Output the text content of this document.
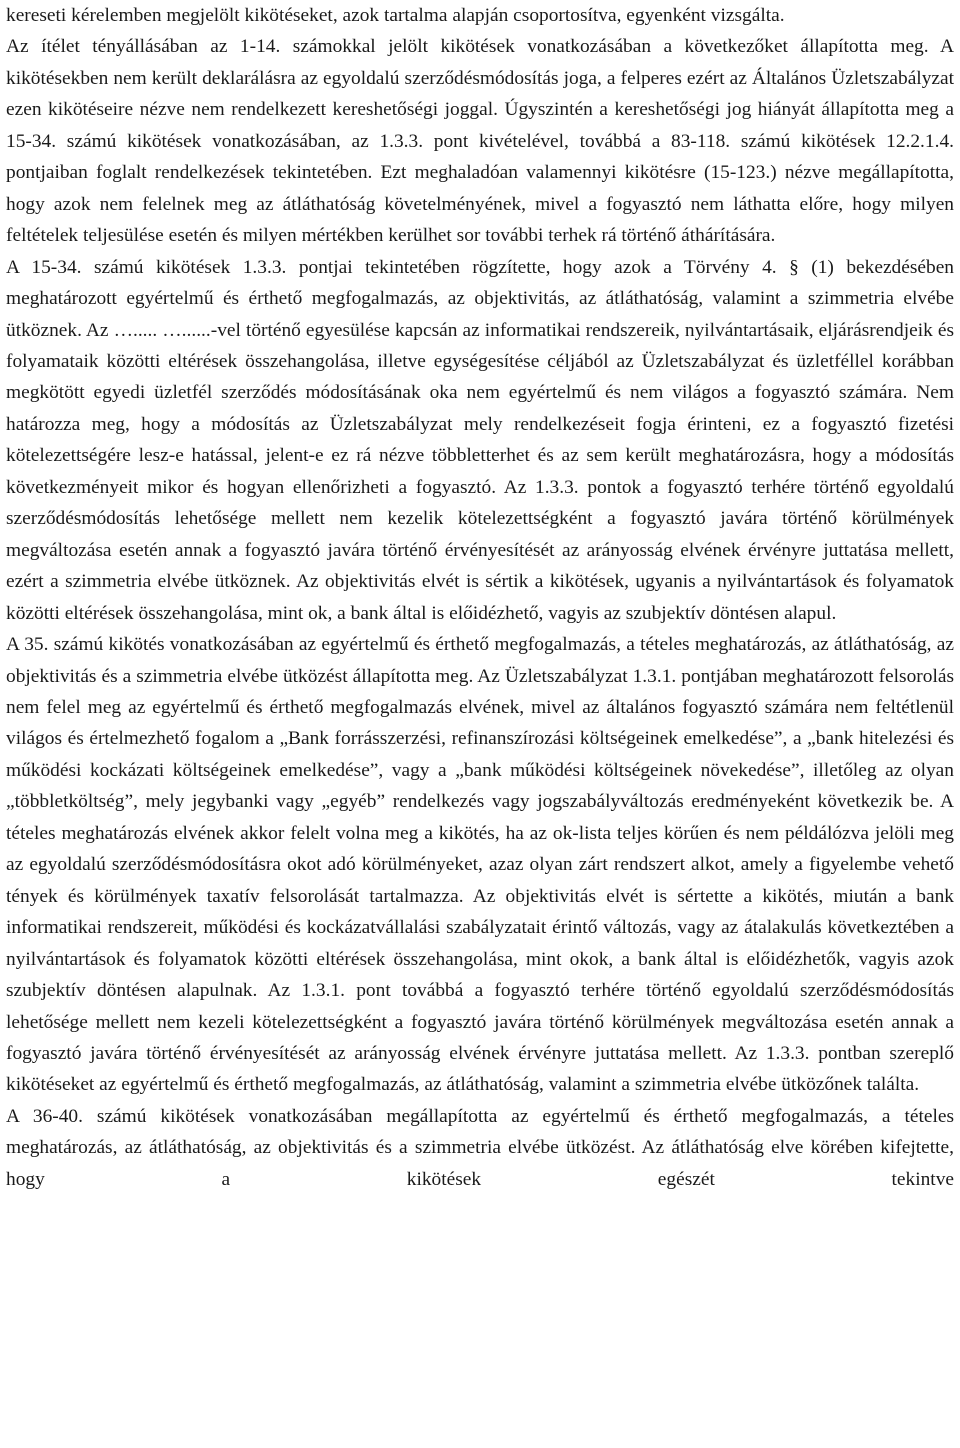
kereseti kérelemben megjelölt kikötéseket, azok tartalma alapján csoportosítva, egyenként vizsgálta.

Az ítélet tényállásában az 1-14. számokkal jelölt kikötések vonatkozásában a következőket állapította meg. A kikötésekben nem került deklarálásra az egyoldalú szerződésmódosítás joga, a felperes ezért az Általános Üzletszabályzat ezen kikötéseire nézve nem rendelkezett kereshetőségi joggal. Úgyszintén a kereshetőségi jog hiányát állapította meg a 15-34. számú kikötések vonatkozásában, az 1.3.3. pont kivételével, továbbá a 83-118. számú kikötések 12.2.1.4. pontjaiban foglalt rendelkezések tekintetében. Ezt meghaladóan valamennyi kikötésre (15-123.) nézve megállapította, hogy azok nem felelnek meg az átláthatóság követelményének, mivel a fogyasztó nem láthatta előre, hogy milyen feltételek teljesülése esetén és milyen mértékben kerülhet sor további terhek rá történő áthárítására.

A 15-34. számú kikötések 1.3.3. pontjai tekintetében rögzítette, hogy azok a Törvény 4. § (1) bekezdésében meghatározott egyértelmű és érthető megfogalmazás, az objektivitás, az átláthatóság, valamint a szimmetria elvébe ütköznek. Az …..... …......-vel történő egyesülése kapcsán az informatikai rendszereik, nyilvántartásaik, eljárásrendjeik és folyamataik közötti eltérések összehangolása, illetve egységesítése céljából az Üzletszabályzat és üzletféllel korábban megkötött egyedi üzletfél szerződés módosításának oka nem egyértelmű és nem világos a fogyasztó számára. Nem határozza meg, hogy a módosítás az Üzletszabályzat mely rendelkezéseit fogja érinteni, ez a fogyasztó fizetési kötelezettségére lesz-e hatással, jelent-e ez rá nézve többletterhet és az sem került meghatározásra, hogy a módosítás következményeit mikor és hogyan ellenőrizheti a fogyasztó. Az 1.3.3. pontok a fogyasztó terhére történő egyoldalú szerződésmódosítás lehetősége mellett nem kezelik kötelezettségként a fogyasztó javára történő körülmények megváltozása esetén annak a fogyasztó javára történő érvényesítését az arányosság elvének érvényre juttatása mellett, ezért a szimmetria elvébe ütköznek. Az objektivitás elvét is sértik a kikötések, ugyanis a nyilvántartások és folyamatok közötti eltérések összehangolása, mint ok, a bank által is előidézhető, vagyis az szubjektív döntésen alapul.

A 35. számú kikötés vonatkozásában az egyértelmű és érthető megfogalmazás, a tételes meghatározás, az átláthatóság, az objektivitás és a szimmetria elvébe ütközést állapította meg. Az Üzletszabályzat 1.3.1. pontjában meghatározott felsorolás nem felel meg az egyértelmű és érthető megfogalmazás elvének, mivel az általános fogyasztó számára nem feltétlenül világos és értelmezhető fogalom a „Bank forrásszerzési, refinanszírozási költségeinek emelkedése”, a „bank hitelezési és működési kockázati költségeinek emelkedése”, vagy a „bank működési költségeinek növekedése”, illetőleg az olyan „többletköltség”, mely jegybanki vagy „egyéb” rendelkezés vagy jogszabályváltozás eredményeként következik be. A tételes meghatározás elvének akkor felelt volna meg a kikötés, ha az ok-lista teljes körűen és nem példálózva jelöli meg az egyoldalú szerződésmódosításra okot adó körülményeket, azaz olyan zárt rendszert alkot, amely a figyelembe vehető tények és körülmények taxatív felsorolását tartalmazza. Az objektivitás elvét is sértette a kikötés, miután a bank informatikai rendszereit, működési és kockázatvállalási szabályzatait érintő változás, vagy az átalakulás következtében a nyilvántartások és folyamatok közötti eltérések összehangolása, mint okok, a bank által is előidézhetők, vagyis azok szubjektív döntésen alapulnak. Az 1.3.1. pont továbbá a fogyasztó terhére történő egyoldalú szerződésmódosítás lehetősége mellett nem kezeli kötelezettségként a fogyasztó javára történő körülmények megváltozása esetén annak a fogyasztó javára történő érvényesítését az arányosság elvének érvényre juttatása mellett. Az 1.3.3. pontban szereplő kikötéseket az egyértelmű és érthető megfogalmazás, az átláthatóság, valamint a szimmetria elvébe ütközőnek találta.

A 36-40. számú kikötések vonatkozásában megállapította az egyértelmű és érthető megfogalmazás, a tételes meghatározás, az átláthatóság, az objektivitás és a szimmetria elvébe ütközést. Az átláthatóság elve körében kifejtette, hogy a kikötések egészét tekintve
